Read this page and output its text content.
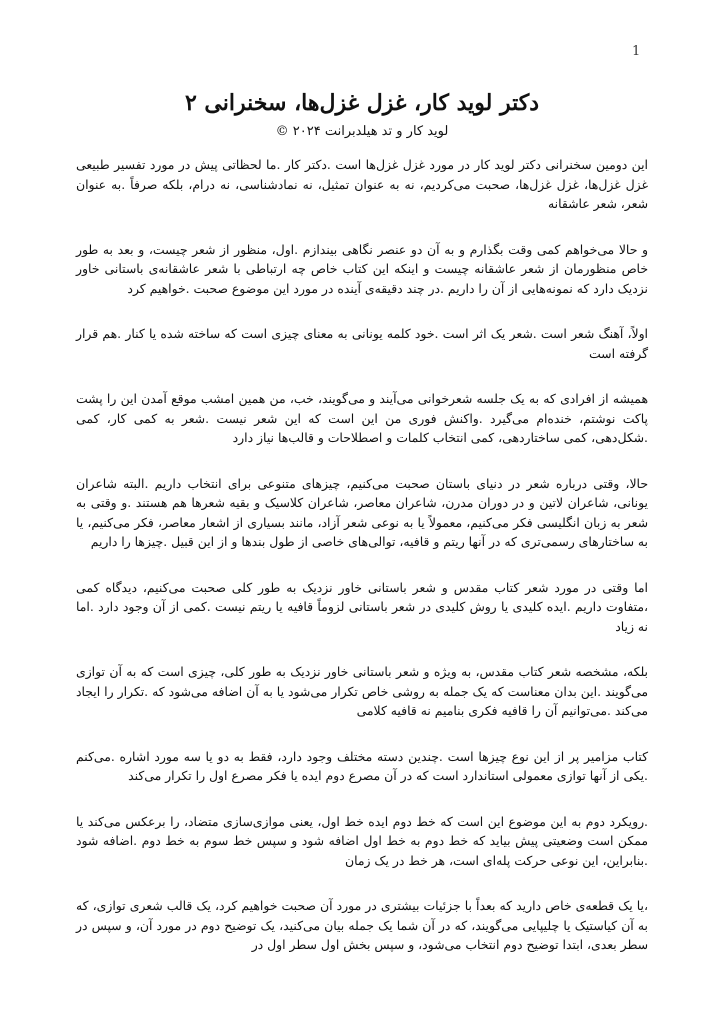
1
دکتر لوید کار، غزل غزل‌ها، سخنرانی ۲
لوید کار و تد هیلدبرانت ۲۰۲۴ ©

این دومین سخنرانی دکتر لوید کار در مورد غزل غزل‌ها است .دکتر کار .ما لحظاتی پیش در مورد تفسیر طبیعی غزل غزل‌ها، غزل غزل‌ها، صحبت می‌کردیم، نه به عنوان تمثیل، نه نمادشناسی، نه درام، بلکه صرفاً .به عنوان شعر، شعر عاشقانه

و حالا می‌خواهم کمی وقت بگذارم و به آن دو عنصر نگاهی بیندازم .اول، منظور از شعر چیست، و بعد به طور خاص منظورمان از شعر عاشقانه چیست و اینکه این کتاب خاص چه ارتباطی با شعر عاشقانه‌ی باستانی خاور نزدیک دارد که نمونه‌هایی از آن را داریم .در چند دقیقه‌ی آینده در مورد این موضوع صحبت .خواهیم کرد

اولاً، آهنگ شعر است .شعر یک اثر است .خود کلمه یونانی به معنای چیزی است که ساخته شده یا کنار .هم قرار گرفته است

همیشه از افرادی که به یک جلسه شعرخوانی می‌آیند و می‌گویند، خب، من همین امشب موقع آمدن این را پشت پاکت نوشتم، خنده‌ام می‌گیرد .واکنش فوری من این است که این شعر نیست .شعر به کمی کار، کمی .شکل‌دهی، کمی ساختاردهی، کمی انتخاب کلمات و اصطلاحات و قالب‌ها نیاز دارد

حالا، وقتی درباره شعر در دنیای باستان صحبت می‌کنیم، چیزهای متنوعی برای انتخاب داریم .البته شاعران یونانی، شاعران لاتین و در دوران مدرن، شاعران معاصر، شاعران کلاسیک و بقیه شعرها هم هستند .و وقتی به شعر به زبان انگلیسی فکر می‌کنیم، معمولاً یا به نوعی شعر آزاد، مانند بسیاری از اشعار معاصر، فکر می‌کنیم، یا به ساختارهای رسمی‌تری که در آنها ریتم و قافیه، توالی‌های خاصی از طول بندها و از این قبیل .چیزها را داریم

اما وقتی در مورد شعر کتاب مقدس و شعر باستانی خاور نزدیک به طور کلی صحبت می‌کنیم، دیدگاه کمی ،متفاوت داریم .ایده کلیدی یا روش کلیدی در شعر باستانی لزوماً قافیه یا ریتم نیست .کمی از آن وجود دارد .اما نه زیاد

بلکه، مشخصه شعر کتاب مقدس، به ویژه و شعر باستانی خاور نزدیک به طور کلی، چیزی است که به آن توازی می‌گویند .این بدان معناست که یک جمله به روشی خاص تکرار می‌شود یا به آن اضافه می‌شود که .تکرار را ایجاد می‌کند .می‌توانیم آن را قافیه فکری بنامیم نه قافیه کلامی

کتاب مزامیر پر از این نوع چیزها است .چندین دسته مختلف وجود دارد، فقط به دو یا سه مورد اشاره .می‌کنم .یکی از آنها توازی معمولی استاندارد است که در آن مصرع دوم ایده یا فکر مصرع اول را تکرار می‌کند

.رویکرد دوم به این موضوع این است که خط دوم ایده خط اول، یعنی موازی‌سازی متضاد، را برعکس می‌کند یا ممکن است وضعیتی پیش بیاید که خط دوم به خط اول اضافه شود و سپس خط سوم به خط دوم .اضافه شود .بنابراین، این نوعی حرکت پله‌ای است، هر خط در یک زمان

،یا یک قطعه‌ی خاص دارید که بعداً با جزئیات بیشتری در مورد آن صحبت خواهیم کرد، یک قالب شعری توازی، که به آن کیاستیک یا چلیپایی می‌گویند، که در آن شما یک جمله بیان می‌کنید، یک توضیح دوم در مورد آن، و سپس در سطر بعدی، ابتدا توضیح دوم انتخاب می‌شود، و سپس بخش اول سطر اول در
